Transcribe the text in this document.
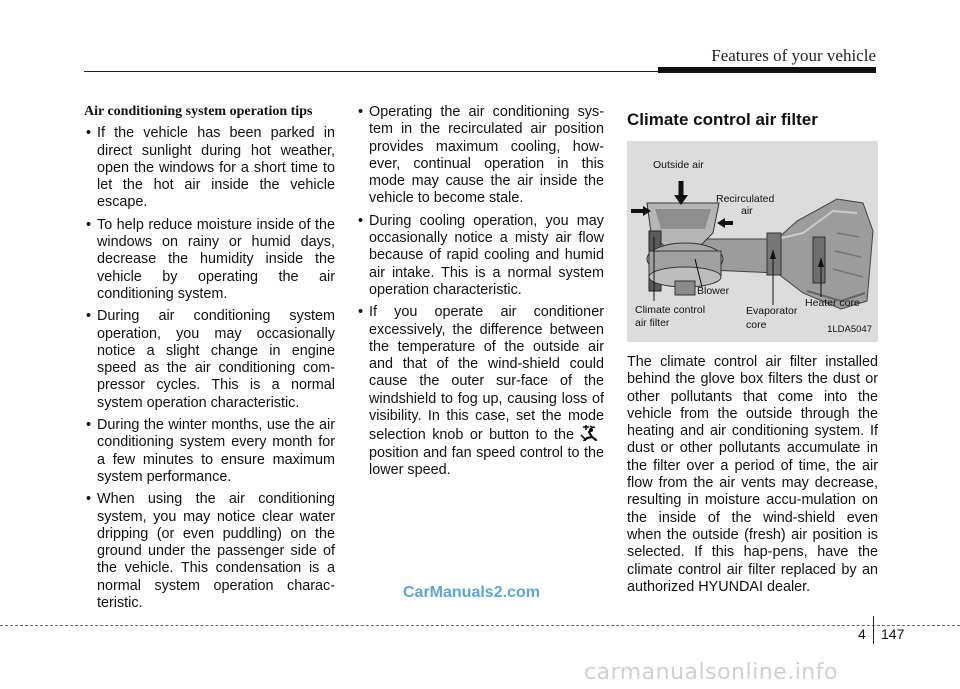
Features of your vehicle
Air conditioning system operation tips
• If the vehicle has been parked in direct sunlight during hot weather, open the windows for a short time to let the hot air inside the vehicle escape.
• To help reduce moisture inside of the windows on rainy or humid days, decrease the humidity inside the vehicle by operating the air conditioning system.
• During air conditioning system operation, you may occasionally notice a slight change in engine speed as the air conditioning com-pressor cycles. This is a normal system operation characteristic.
• During the winter months, use the air conditioning system every month for a few minutes to ensure maximum system performance.
• When using the air conditioning system, you may notice clear water dripping (or even puddling) on the ground under the passenger side of the vehicle. This condensation is a normal system operation charac-teristic.
• Operating the air conditioning sys-tem in the recirculated air position provides maximum cooling, how-ever, continual operation in this mode may cause the air inside the vehicle to become stale.
• During cooling operation, you may occasionally notice a misty air flow because of rapid cooling and humid air intake. This is a normal system operation characteristic.
• If you operate air conditioner excessively, the difference between the temperature of the outside air and that of the wind-shield could cause the outer sur-face of the windshield to fog up, causing loss of visibility. In this case, set the mode selection knob or button to theposition and fan speed control to the lower speed.
Climate control air filter
Outside air
Recirculated
air
Blower
Heater core
Climate control
air filter
Evaporator
core	1LDA5047
The climate control air filter installed behind the glove box filters the dust or other pollutants that come into the vehicle from the outside through the heating and air conditioning system. If dust or other pollutants accumulate in the filter over a period of time, the air flow from the air vents may decrease, resulting in moisture accu-mulation on the inside of the wind-shield even when the outside (fresh) air position is selected. If this hap-pens, have the climate control air filter replaced by an authorized HYUNDAI dealer.
CarManuals2.com
4 147
carmanualsonline.info
